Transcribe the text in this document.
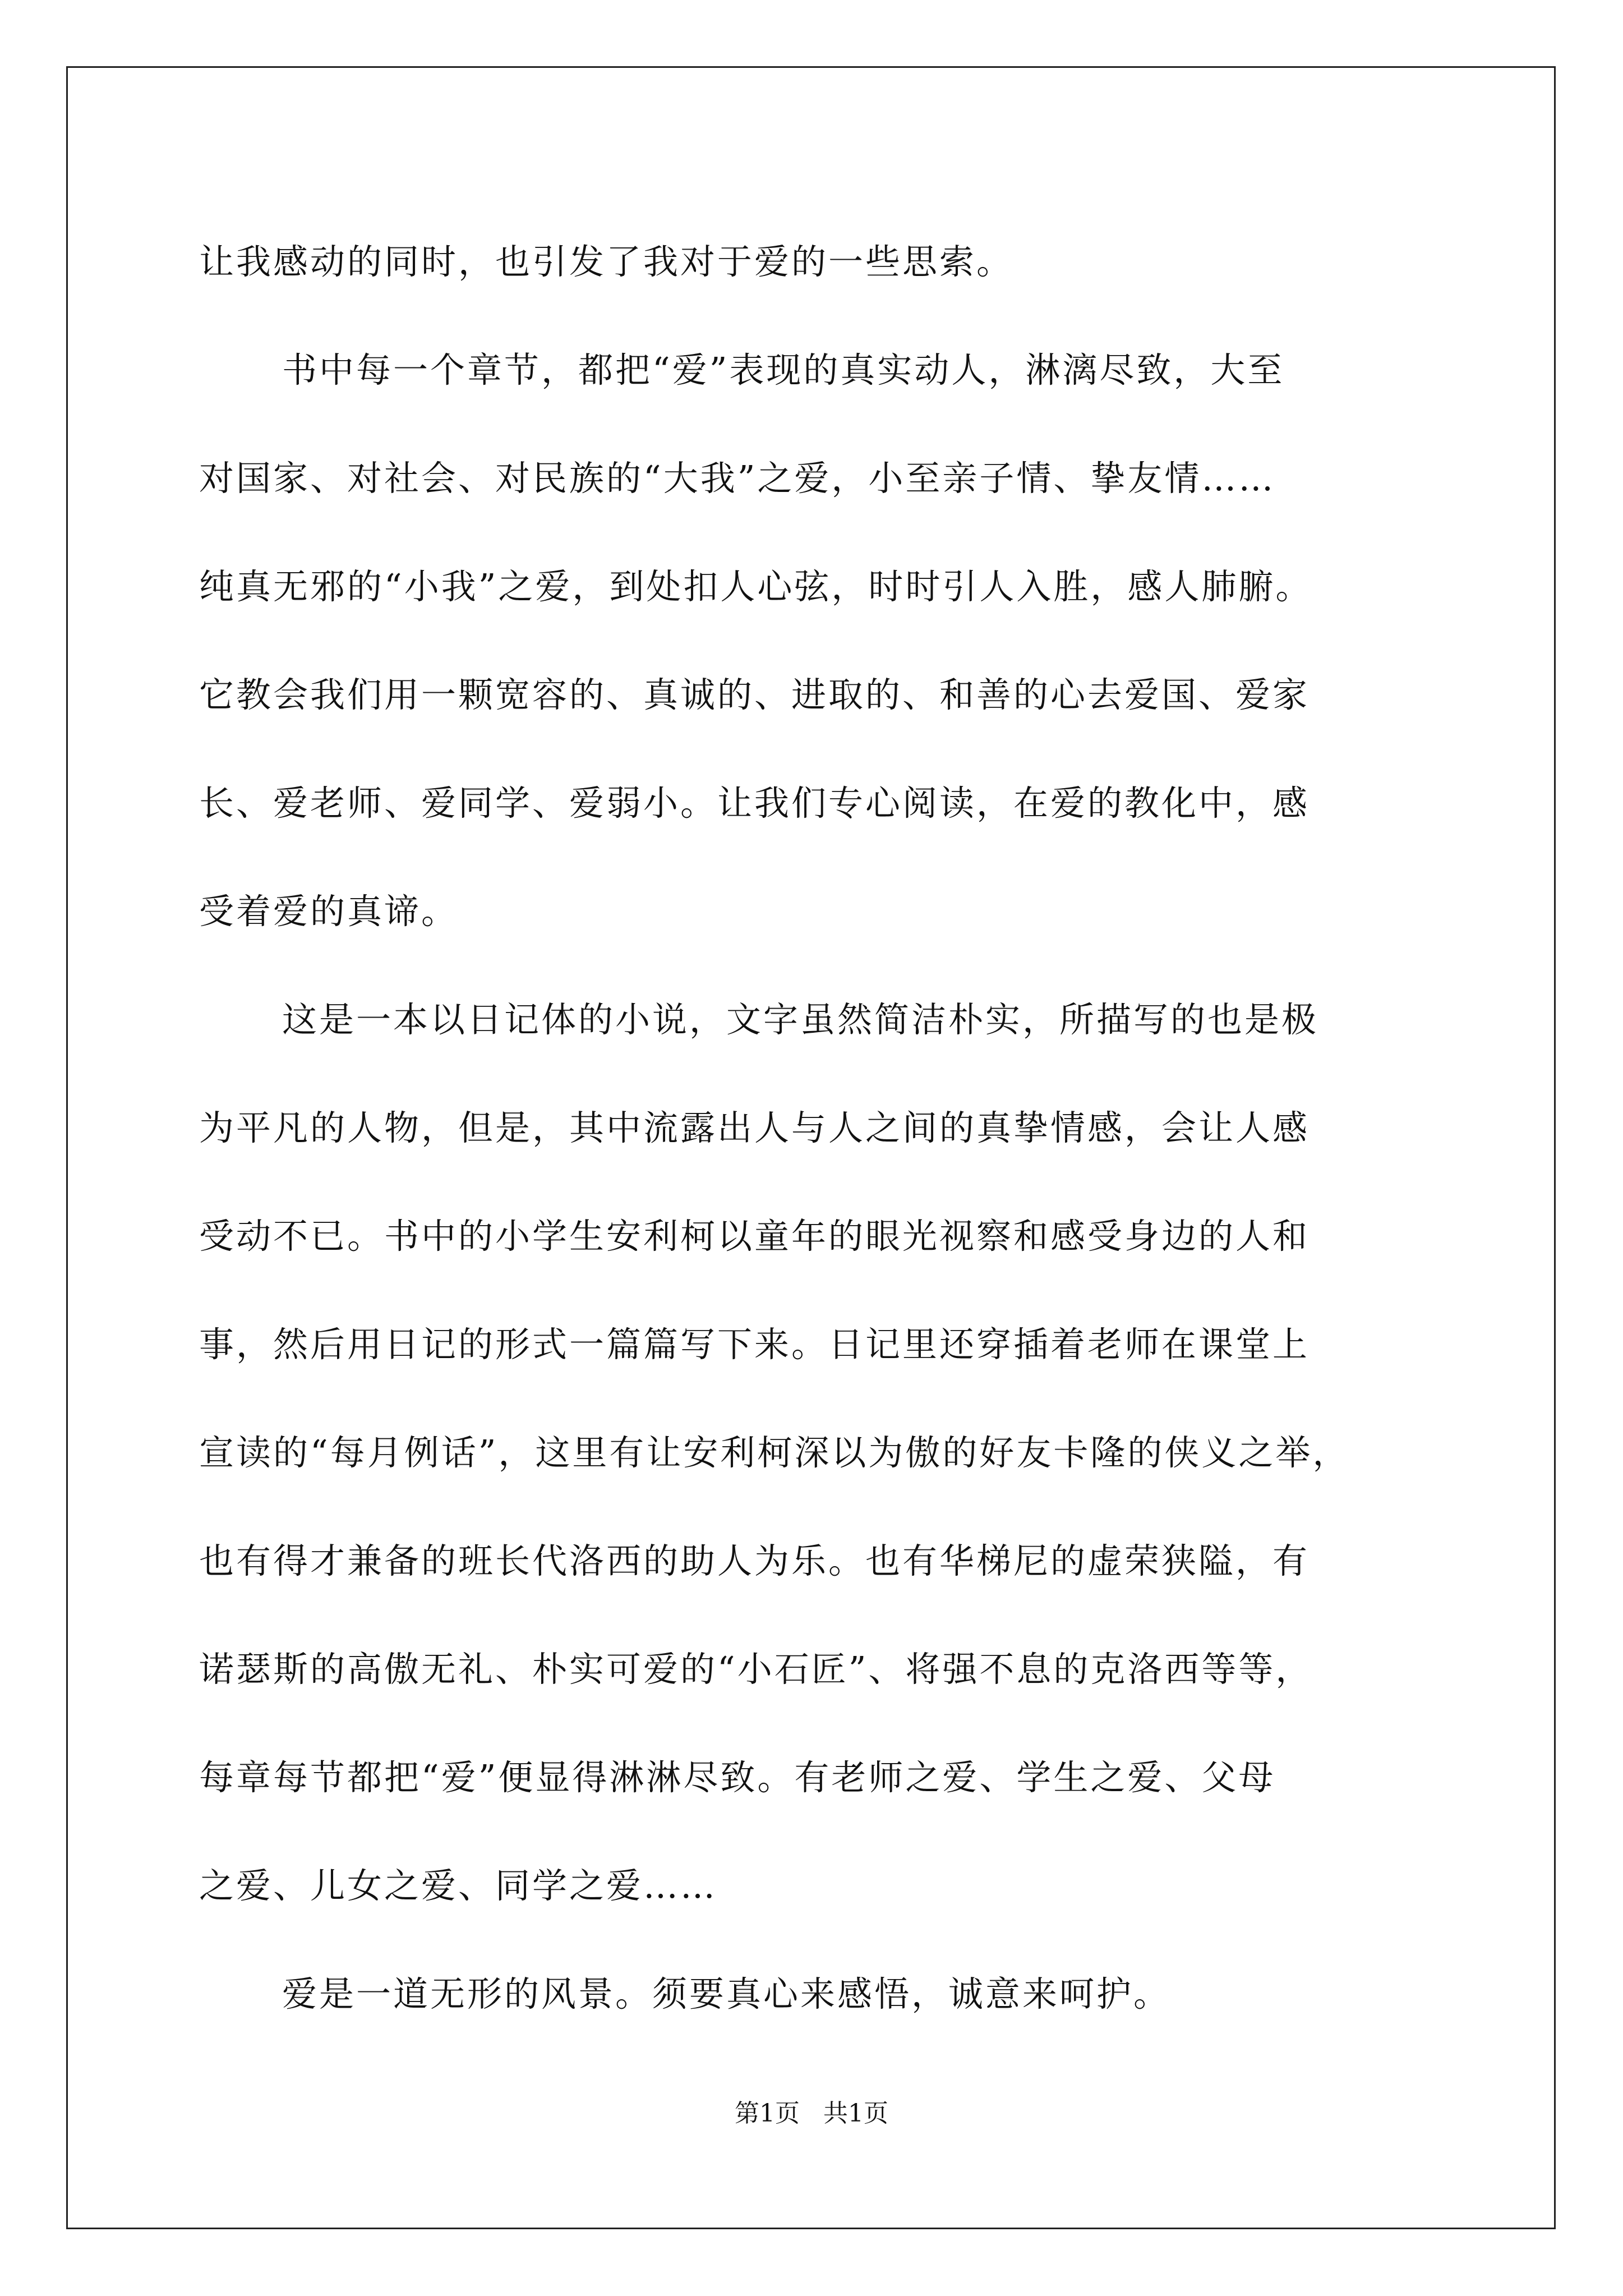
让我感动的同时，也引发了我对于爱的一些思索。
书中每一个章节，都把“爱”表现的真实动人，淋漓尽致，大至
对国家、对社会、对民族的“大我”之爱，小至亲子情、挚友情……
纯真无邪的“小我”之爱，到处扣人心弦，时时引人入胜，感人肺腑。
它教会我们用一颗宽容的、真诚的、进取的、和善的心去爱国、爱家
长、爱老师、爱同学、爱弱小。让我们专心阅读，在爱的教化中，感
受着爱的真谛。
这是一本以日记体的小说，文字虽然简洁朴实，所描写的也是极
为平凡的人物，但是，其中流露出人与人之间的真挚情感，会让人感
受动不已。书中的小学生安利柯以童年的眼光视察和感受身边的人和
事，然后用日记的形式一篇篇写下来。日记里还穿插着老师在课堂上
宣读的“每月例话”，这里有让安利柯深以为傲的好友卡隆的侠义之举，
也有得才兼备的班长代洛西的助人为乐。也有华梯尼的虚荣狭隘，有
诺瑟斯的高傲无礼、朴实可爱的“小石匠”、将强不息的克洛西等等，
每章每节都把“爱”便显得淋淋尽致。有老师之爱、学生之爱、父母
之爱、儿女之爱、同学之爱……
爱是一道无形的风景。须要真心来感悟，诚意来呵护。
第1页 共1页
